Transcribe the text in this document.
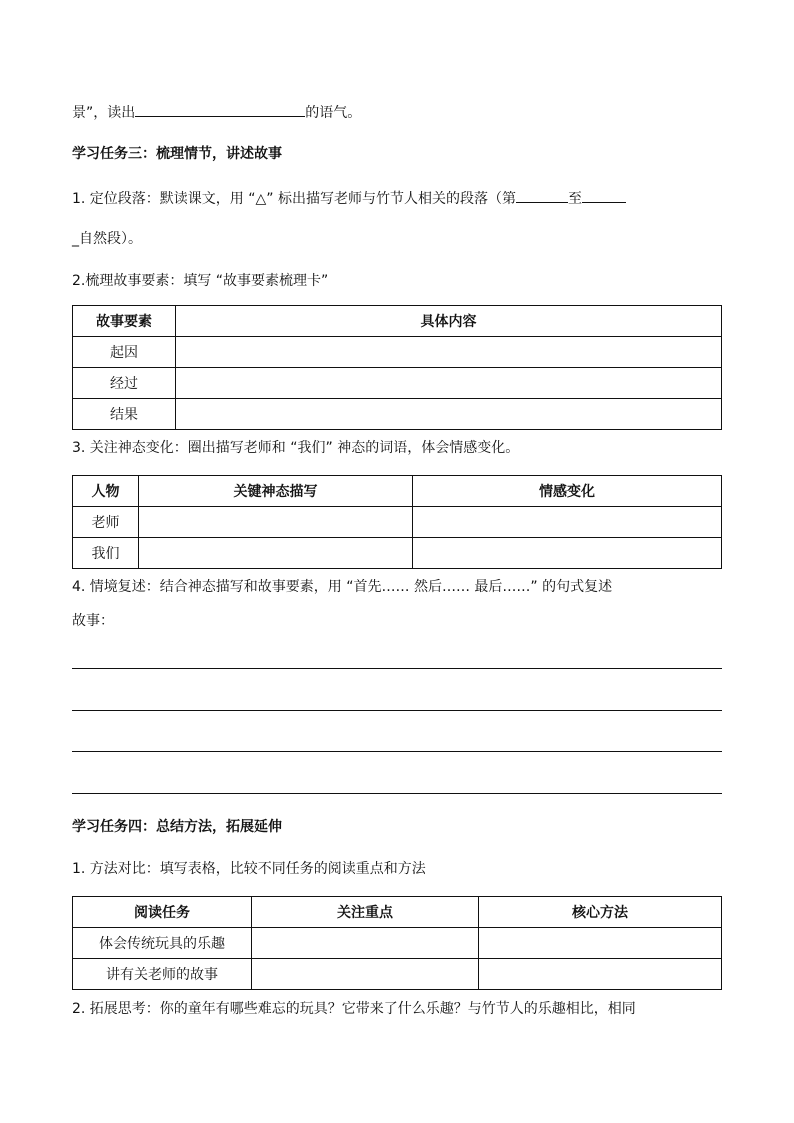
景”，读出	的语气。
学习任务三：梳理情节，讲述故事
1. 定位段落：默读课文，用 “△” 标出描写老师与竹节人相关的段落（第	至
_自然段）。
2.梳理故事要素：填写 “故事要素梳理卡”
故事要素	具体内容
起因	
经过	
结果	
3. 关注神态变化：圈出描写老师和 “我们” 神态的词语，体会情感变化。
人物	关键神态描写	情感变化
老师		
我们		
4. 情境复述：结合神态描写和故事要素，用 “首先…… 然后…… 最后……” 的句式复述
故事：
学习任务四：总结方法，拓展延伸
1. 方法对比：填写表格，比较不同任务的阅读重点和方法
阅读任务	关注重点	核心方法
体会传统玩具的乐趣		
讲有关老师的故事		
2. 拓展思考：你的童年有哪些难忘的玩具？它带来了什么乐趣？与竹节人的乐趣相比，相同
